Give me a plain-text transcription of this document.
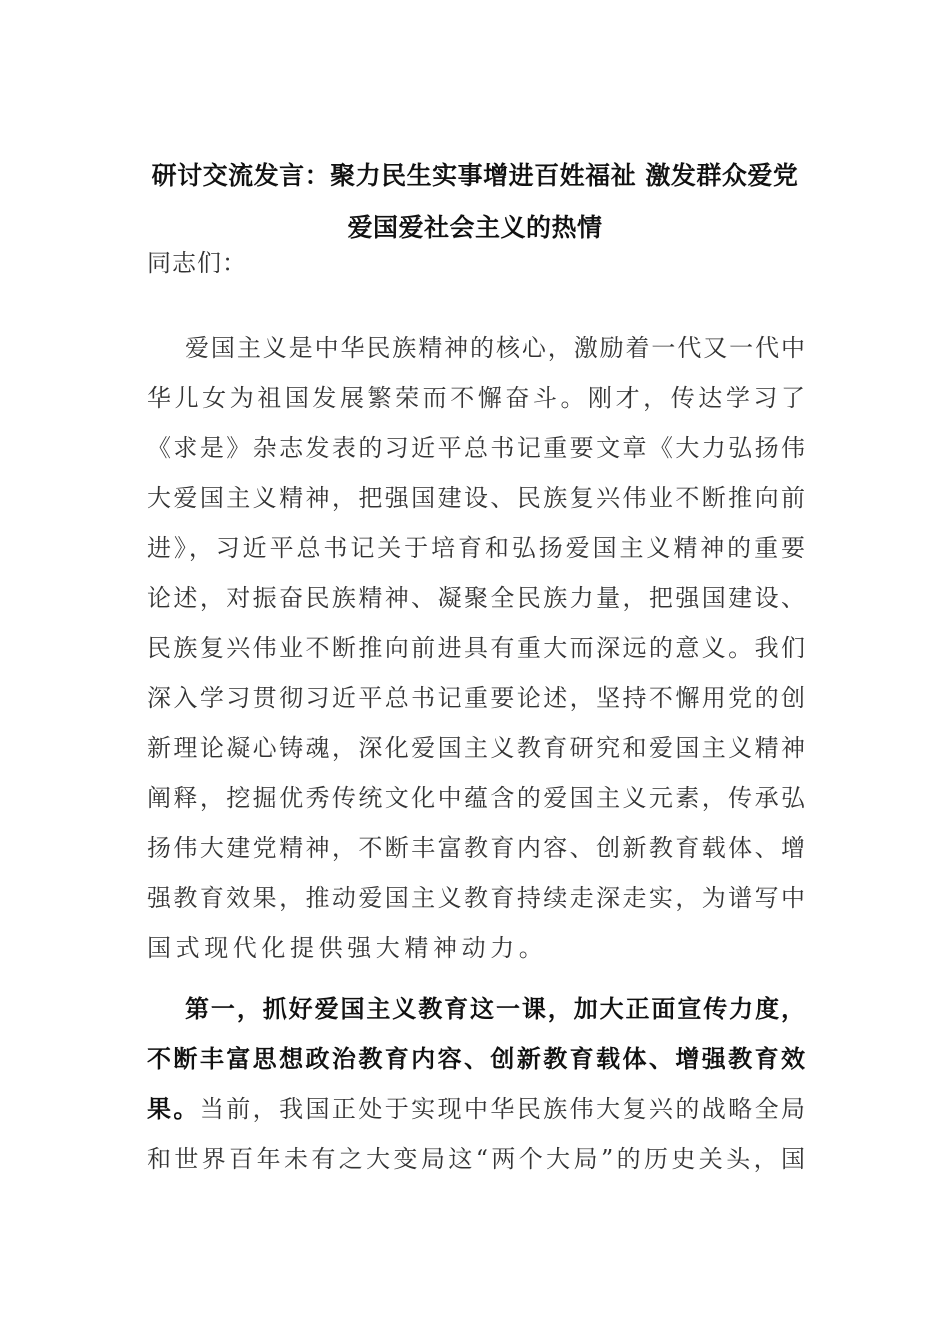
研讨交流发言：聚力民生实事增进百姓福祉 激发群众爱党
爱国爱社会主义的热情
同志们：
爱国主义是中华民族精神的核心，激励着一代又一代中
华儿女为祖国发展繁荣而不懈奋斗。刚才，传达学习了
《求是》杂志发表的习近平总书记重要文章《大力弘扬伟
大爱国主义精神，把强国建设、民族复兴伟业不断推向前
进》，习近平总书记关于培育和弘扬爱国主义精神的重要
论述，对振奋民族精神、凝聚全民族力量，把强国建设、
民族复兴伟业不断推向前进具有重大而深远的意义。我们
深入学习贯彻习近平总书记重要论述，坚持不懈用党的创
新理论凝心铸魂，深化爱国主义教育研究和爱国主义精神
阐释，挖掘优秀传统文化中蕴含的爱国主义元素，传承弘
扬伟大建党精神，不断丰富教育内容、创新教育载体、增
强教育效果，推动爱国主义教育持续走深走实，为谱写中
国式现代化提供强大精神动力。
第一，抓好爱国主义教育这一课，加大正面宣传力度，
不断丰富思想政治教育内容、创新教育载体、增强教育效
果。当前，我国正处于实现中华民族伟大复兴的战略全局
和世界百年未有之大变局这“两个大局”的历史关头，国
